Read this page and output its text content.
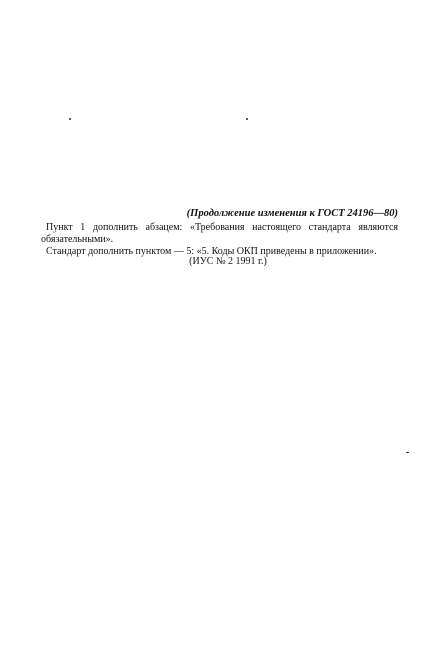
(Продолжение изменения к ГОСТ 24196—80)

Пункт 1 дополнить абзацем: «Требования настоящего стандарта являются
обязательными».

Стандарт дополнить пунктом — 5: «5. Коды ОКП приведены в приложении».

(ИУС № 2 1991 г.)
